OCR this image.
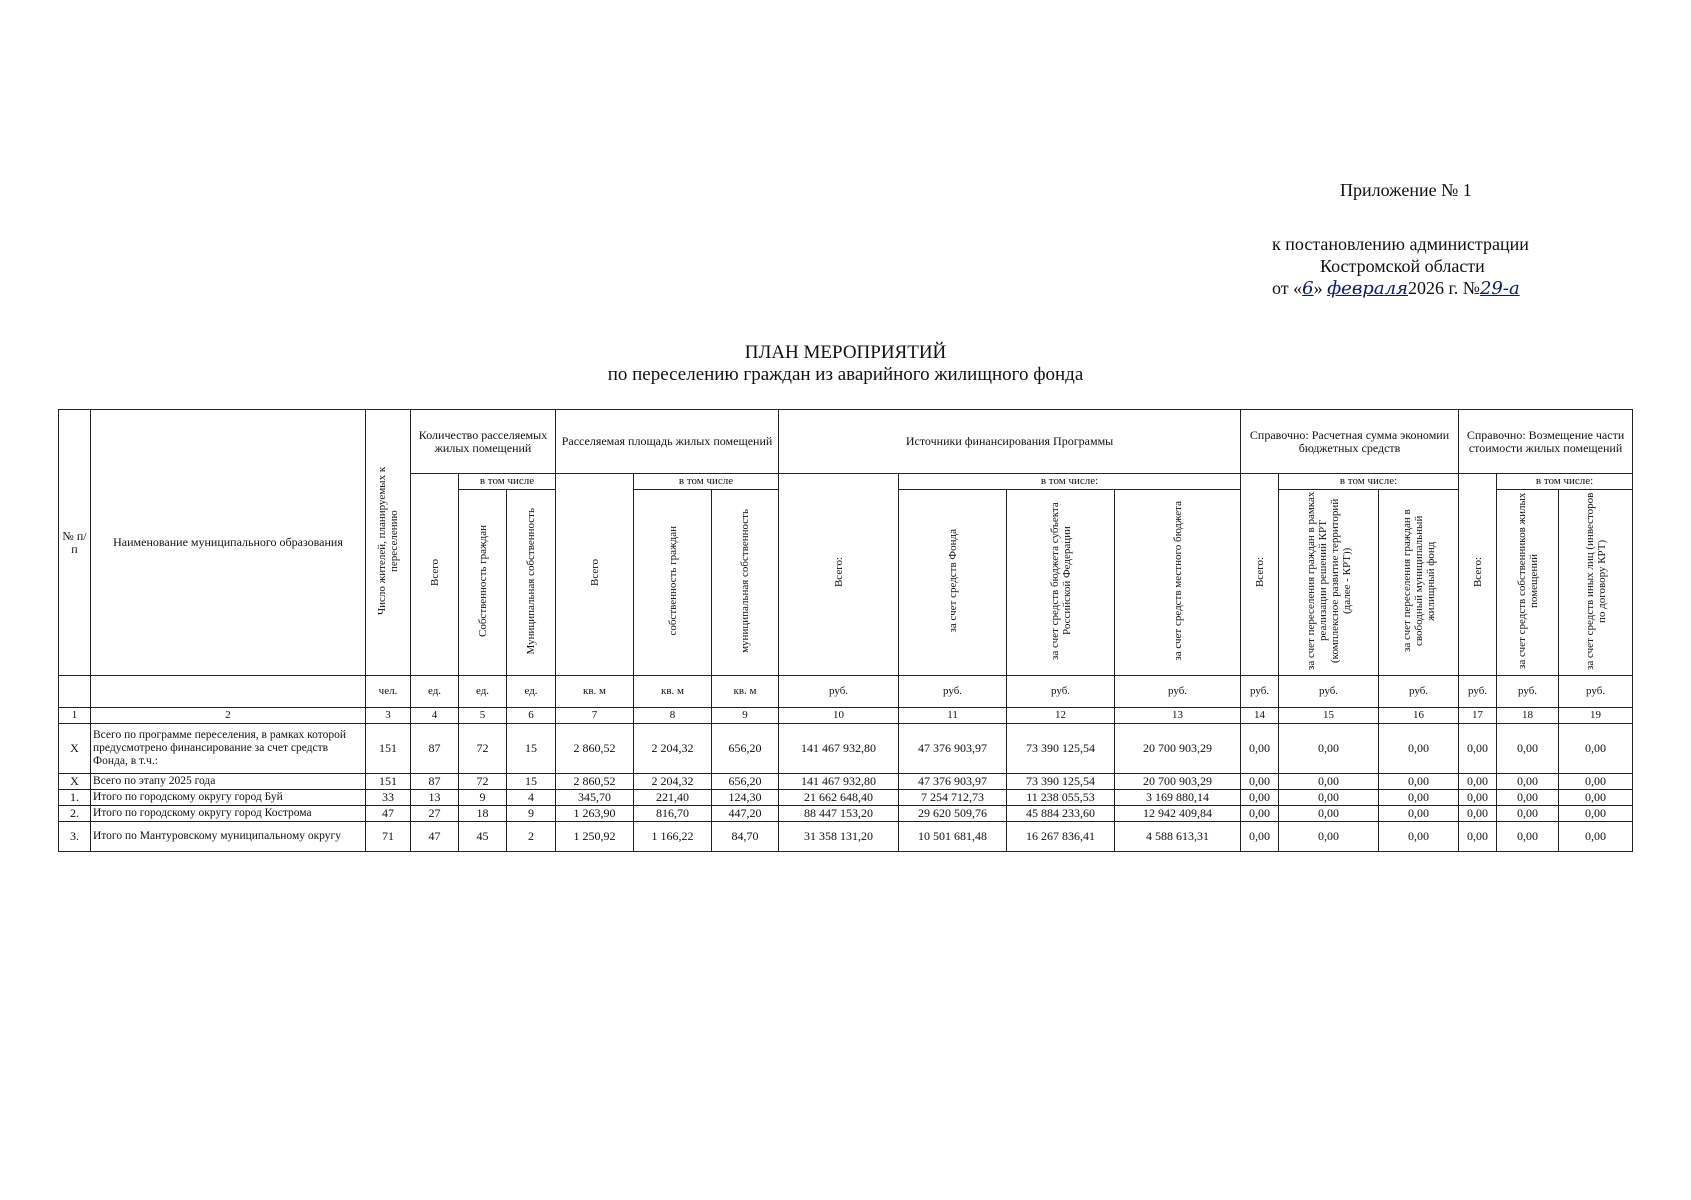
Приложение № 1
к постановлению администрации
Костромской области
от «6» февраля2026 г. №29-а
ПЛАН МЕРОПРИЯТИЙ
по переселению граждан из аварийного жилищного фонда
№ п/п	Наименование муниципального образования	Число жителей, планируемых к переселению	Количество расселяемых жилых помещений			Расселяемая площадь жилых помещений			Источники финансирования Программы				Справочно: Расчетная сумма экономии бюджетных средств			Справочно: Возмещение части стоимости жилых помещений		
			Всего	в том числе		Всего	в том числе		Всего:	в том числе:			Всего:	в том числе:		Всего:	в том числе:	
				Собственность граждан	Муниципальная собственность		собственность граждан	муниципальная собственность		за счет средств Фонда	за счет средств бюджета субъекта Российской Федерации	за счет средств местного бюджета		за счет переселения граждан в рамках реализации решений КРТ (комплексное развитие территорий (далее - КРТ))	за счет переселения граждан в свободный муниципальный жилищный фонд		за счет средств собственников жилых помещений	за счет средств иных лиц (инвесторов по договору КРТ)
		чел.	ед.	ед.	ед.	кв. м	кв. м	кв. м	руб.	руб.	руб.	руб.	руб.	руб.	руб.	руб.	руб.	руб.
1	2	3	4	5	6	7	8	9	10	11	12	13	14	15	16	17	18	19
X	Всего по программе переселения, в рамках которой предусмотрено финансирование за счет средств Фонда, в т.ч.:	151	87	72	15	2 860,52	2 204,32	656,20	141 467 932,80	47 376 903,97	73 390 125,54	20 700 903,29	0,00	0,00	0,00	0,00	0,00	0,00
X	Всего по этапу 2025 года	151	87	72	15	2 860,52	2 204,32	656,20	141 467 932,80	47 376 903,97	73 390 125,54	20 700 903,29	0,00	0,00	0,00	0,00	0,00	0,00
1.	Итого по городскому округу город Буй	33	13	9	4	345,70	221,40	124,30	21 662 648,40	7 254 712,73	11 238 055,53	3 169 880,14	0,00	0,00	0,00	0,00	0,00	0,00
2.	Итого по городскому округу город Кострома	47	27	18	9	1 263,90	816,70	447,20	88 447 153,20	29 620 509,76	45 884 233,60	12 942 409,84	0,00	0,00	0,00	0,00	0,00	0,00
3.	Итого по Мантуровскому муниципальному округу	71	47	45	2	1 250,92	1 166,22	84,70	31 358 131,20	10 501 681,48	16 267 836,41	4 588 613,31	0,00	0,00	0,00	0,00	0,00	0,00
